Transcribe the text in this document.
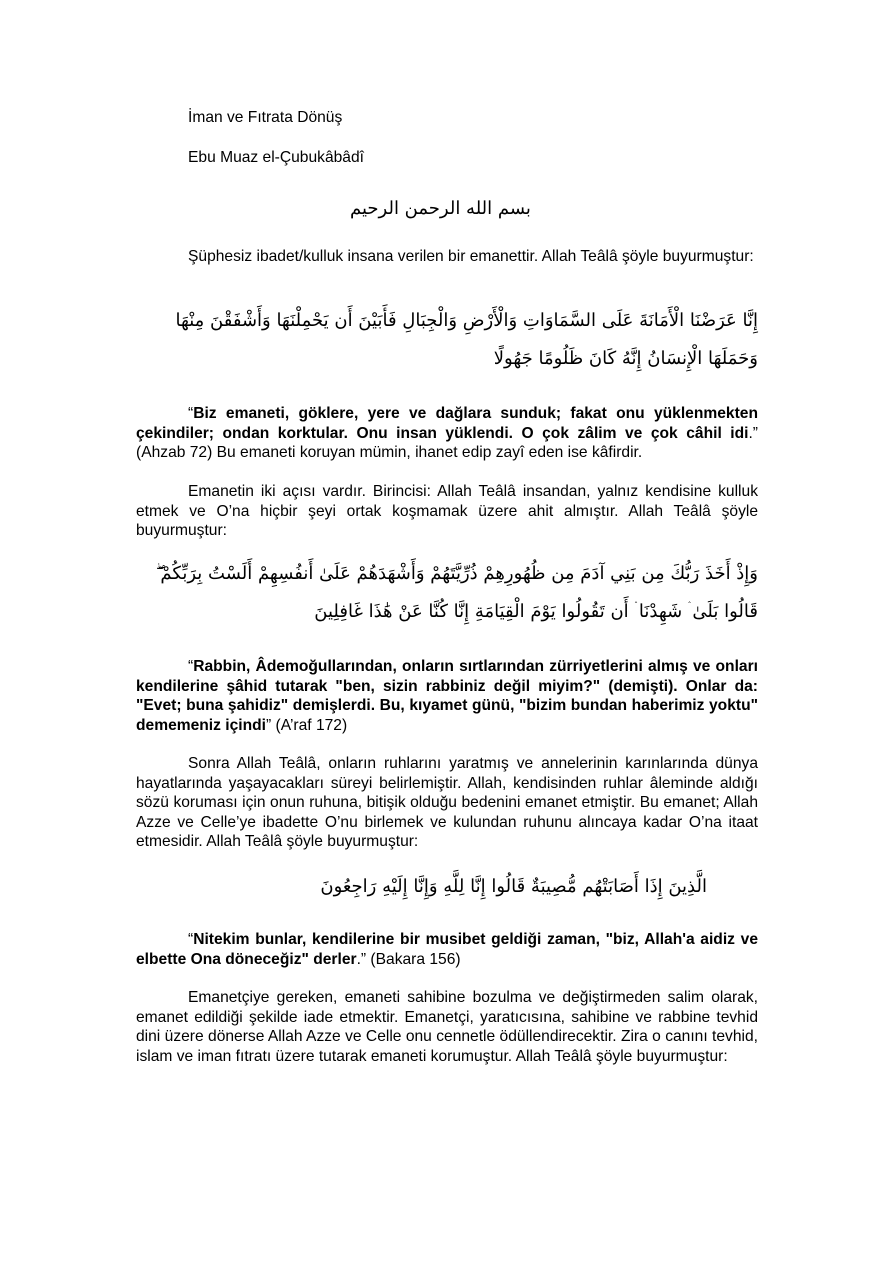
İman ve Fıtrata Dönüş
Ebu Muaz el-Çubukâbâdî
بسم الله الرحمن الرحيم
Şüphesiz ibadet/kulluk insana verilen bir emanettir. Allah Teâlâ şöyle buyurmuştur:
إِنَّا عَرَضْنَا الْأَمَانَةَ عَلَى السَّمَاوَاتِ وَالْأَرْضِ وَالْجِبَالِ فَأَبَيْنَ أَن يَحْمِلْنَهَا وَأَشْفَقْنَ مِنْهَا وَحَمَلَهَا الْإِنسَانُ إِنَّهُ كَانَ ظَلُومًا جَهُولًا
“Biz emaneti, göklere, yere ve dağlara sunduk; fakat onu yüklenmekten çekindiler; ondan korktular. Onu insan yüklendi. O çok zâlim ve çok câhil idi.” (Ahzab 72) Bu emaneti koruyan mümin, ihanet edip zayî eden ise kâfirdir.
Emanetin iki açısı vardır. Birincisi: Allah Teâlâ insandan, yalnız kendisine kulluk etmek ve O’na hiçbir şeyi ortak koşmamak üzere ahit almıştır. Allah Teâlâ şöyle buyurmuştur:
وَإِذْ أَخَذَ رَبُّكَ مِن بَنِي آدَمَ مِن ظُهُورِهِمْ ذُرِّيَّتَهُمْ وَأَشْهَدَهُمْ عَلَىٰ أَنفُسِهِمْ أَلَسْتُ بِرَبِّكُمْ ۖ قَالُوا بَلَىٰ ۛ شَهِدْنَا ۛ أَن تَقُولُوا يَوْمَ الْقِيَامَةِ إِنَّا كُنَّا عَنْ هَٰذَا غَافِلِينَ
“Rabbin, Âdemoğullarından, onların sırtlarından zürriyetlerini almış ve onları kendilerine şâhid tutarak "ben, sizin rabbiniz değil miyim?" (demişti). Onlar da: "Evet; buna şahidiz" demişlerdi. Bu, kıyamet günü, "bizim bundan haberimiz yoktu" dememeniz içindi” (A’raf 172)
Sonra Allah Teâlâ, onların ruhlarını yaratmış ve annelerinin karınlarında dünya hayatlarında yaşayacakları süreyi belirlemiştir. Allah, kendisinden ruhlar âleminde aldığı sözü koruması için onun ruhuna, bitişik olduğu bedenini emanet etmiştir. Bu emanet; Allah Azze ve Celle’ye ibadette O’nu birlemek ve kulundan ruhunu alıncaya kadar O’na itaat etmesidir. Allah Teâlâ şöyle buyurmuştur:
الَّذِينَ إِذَا أَصَابَتْهُم مُّصِيبَةٌ قَالُوا إِنَّا لِلَّهِ وَإِنَّا إِلَيْهِ رَاجِعُونَ
“Nitekim bunlar, kendilerine bir musibet geldiği zaman, "biz, Allah'a aidiz ve elbette Ona döneceğiz" derler.” (Bakara 156)
Emanetçiye gereken, emaneti sahibine bozulma ve değiştirmeden salim olarak, emanet edildiği şekilde iade etmektir. Emanetçi, yaratıcısına, sahibine ve rabbine tevhid dini üzere dönerse Allah Azze ve Celle onu cennetle ödüllendirecektir. Zira o canını tevhid, islam ve iman fıtratı üzere tutarak emaneti korumuştur. Allah Teâlâ şöyle buyurmuştur:
